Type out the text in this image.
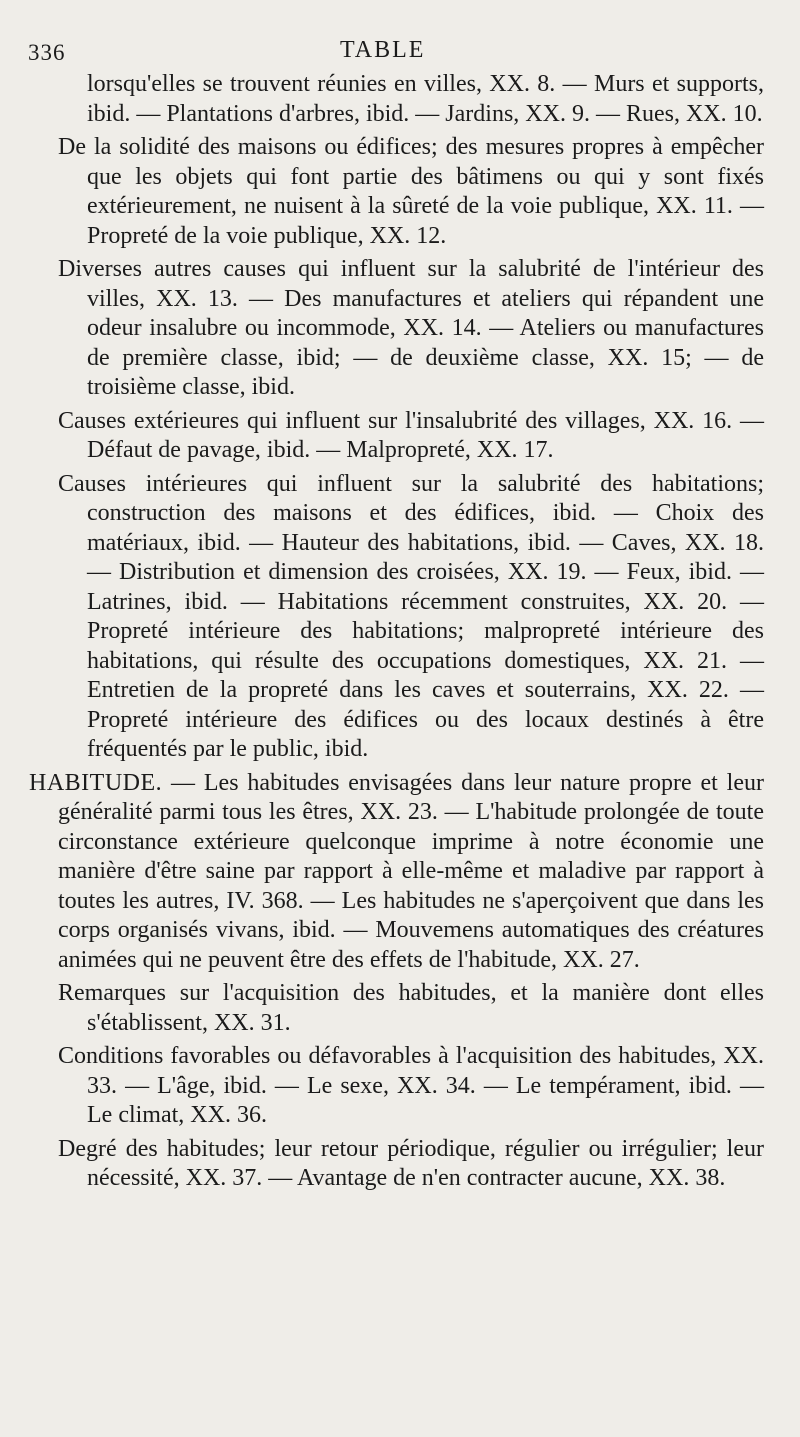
336	TABLE

lorsqu'elles se trouvent réunies en villes, XX. 8. — Murs et supports, ibid. — Plantations d'arbres, ibid. — Jardins, XX. 9. — Rues, XX. 10.

De la solidité des maisons ou édifices; des mesures propres à empêcher que les objets qui font partie des bâtimens ou qui y sont fixés extérieurement, ne nuisent à la sûreté de la voie publique, XX. 11. — Propreté de la voie publique, XX. 12.

Diverses autres causes qui influent sur la salubrité de l'intérieur des villes, XX. 13. — Des manufactures et ateliers qui répandent une odeur insalubre ou incommode, XX. 14. — Ateliers ou manufactures de première classe, ibid; — de deuxième classe, XX. 15; — de troisième classe, ibid.

Causes extérieures qui influent sur l'insalubrité des villages, XX. 16. — Défaut de pavage, ibid. — Malpropreté, XX. 17.

Causes intérieures qui influent sur la salubrité des habitations; construction des maisons et des édifices, ibid. — Choix des matériaux, ibid. — Hauteur des habitations, ibid. — Caves, XX. 18. — Distribution et dimension des croisées, XX. 19. — Feux, ibid. — Latrines, ibid. — Habitations récemment construites, XX. 20. — Propreté intérieure des habitations; malpropreté intérieure des habitations, qui résulte des occupations domestiques, XX. 21. — Entretien de la propreté dans les caves et souterrains, XX. 22. — Propreté intérieure des édifices ou des locaux destinés à être fréquentés par le public, ibid.

HABITUDE. — Les habitudes envisagées dans leur nature propre et leur généralité parmi tous les êtres, XX. 23. — L'habitude prolongée de toute circonstance extérieure quelconque imprime à notre économie une manière d'être saine par rapport à elle-même et maladive par rapport à toutes les autres, IV. 368. — Les habitudes ne s'aperçoivent que dans les corps organisés vivans, ibid. — Mouvemens automatiques des créatures animées qui ne peuvent être des effets de l'habitude, XX. 27.

Remarques sur l'acquisition des habitudes, et la manière dont elles s'établissent, XX. 31.

Conditions favorables ou défavorables à l'acquisition des habitudes, XX. 33. — L'âge, ibid. — Le sexe, XX. 34. — Le tempérament, ibid. — Le climat, XX. 36.

Degré des habitudes; leur retour périodique, régulier ou irrégulier; leur nécessité, XX. 37. — Avantage de n'en contracter aucune, XX. 38.
